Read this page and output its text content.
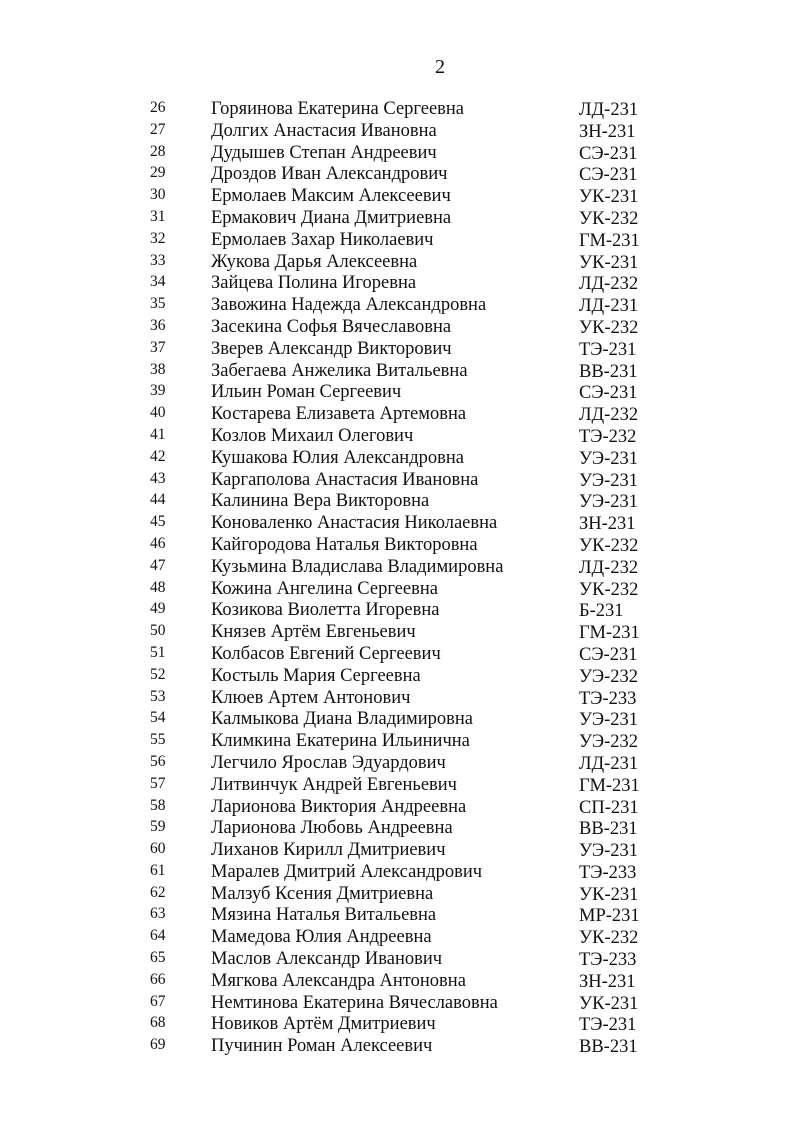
2
26 Горяинова Екатерина Сергеевна	ЛД-231
27 Долгих Анастасия Ивановна	ЗН-231
28 Дудышев Степан Андреевич	СЭ-231
29 Дроздов Иван Александрович	СЭ-231
30 Ермолаев Максим Алексеевич	УК-231
31 Ермакович Диана Дмитриевна	УК-232
32 Ермолаев Захар Николаевич	ГМ-231
33 Жукова Дарья Алексеевна	УК-231
34 Зайцева Полина Игоревна	ЛД-232
35 Завожина Надежда Александровна	ЛД-231
36 Засекина Софья Вячеславовна	УК-232
37 Зверев Александр Викторович	ТЭ-231
38 Забегаева Анжелика Витальевна	ВВ-231
39 Ильин Роман Сергеевич	СЭ-231
40 Костарева Елизавета Артемовна	ЛД-232
41 Козлов Михаил Олегович	ТЭ-232
42 Кушакова Юлия Александровна	УЭ-231
43 Каргаполова Анастасия Ивановна	УЭ-231
44 Калинина Вера Викторовна	УЭ-231
45 Коноваленко Анастасия Николаевна	ЗН-231
46 Кайгородова Наталья Викторовна	УК-232
47 Кузьмина Владислава Владимировна	ЛД-232
48 Кожина Ангелина Сергеевна	УК-232
49 Козикова Виолетта Игоревна	Б-231
50 Князев Артём Евгеньевич	ГМ-231
51 Колбасов Евгений Сергеевич	СЭ-231
52 Костыль Мария Сергеевна	УЭ-232
53 Клюев Артем Антонович	ТЭ-233
54 Калмыкова Диана Владимировна	УЭ-231
55 Климкина Екатерина Ильинична	УЭ-232
56 Легчило Ярослав Эдуардович	ЛД-231
57 Литвинчук Андрей Евгеньевич	ГМ-231
58 Ларионова Виктория Андреевна	СП-231
59 Ларионова Любовь Андреевна	ВВ-231
60 Лиханов Кирилл Дмитриевич	УЭ-231
61 Маралев Дмитрий Александрович	ТЭ-233
62 Малзуб Ксения Дмитриевна	УК-231
63 Мязина Наталья Витальевна	МР-231
64 Мамедова Юлия Андреевна	УК-232
65 Маслов Александр Иванович	ТЭ-233
66 Мягкова Александра Антоновна	ЗН-231
67 Немтинова Екатерина Вячеславовна	УК-231
68 Новиков Артём Дмитриевич	ТЭ-231
69 Пучинин Роман Алексеевич	ВВ-231
